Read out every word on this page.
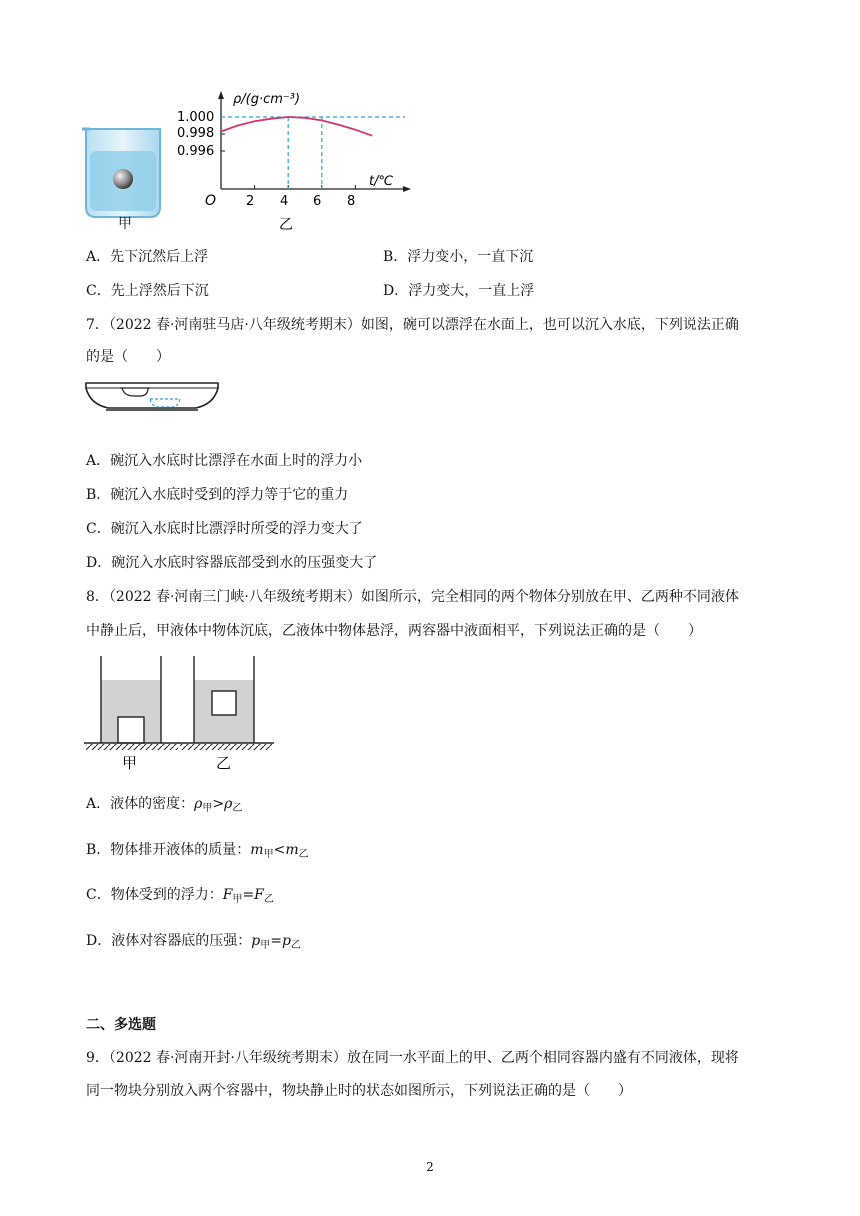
甲
ρ/(g·cm⁻³)
t/℃
O
1.000
0.998
0.996
2 4 6 8
乙
A．先下沉然后上浮	B．浮力变小，一直下沉
C．先上浮然后下沉	D．浮力变大，一直上浮
7．（2022 春·河南驻马店·八年级统考期末）如图，碗可以漂浮在水面上，也可以沉入水底，下列说法正确
的是（　　）
A．碗沉入水底时比漂浮在水面上时的浮力小
B．碗沉入水底时受到的浮力等于它的重力
C．碗沉入水底时比漂浮时所受的浮力变大了
D．碗沉入水底时容器底部受到水的压强变大了
8．（2022 春·河南三门峡·八年级统考期末）如图所示，完全相同的两个物体分别放在甲、乙两种不同液体
中静止后，甲液体中物体沉底，乙液体中物体悬浮，两容器中液面相平，下列说法正确的是（　　）
甲	乙
A．液体的密度：$\rho_甲>\rho_乙$
B．物体排开液体的质量：$m_甲<m_乙$
C．物体受到的浮力：$F_甲=F_乙$
D．液体对容器底的压强：$p_甲=p_乙$
二、多选题
9．（2022 春·河南开封·八年级统考期末）放在同一水平面上的甲、乙两个相同容器内盛有不同液体，现将
同一物块分别放入两个容器中，物块静止时的状态如图所示，下列说法正确的是（　　）
2
